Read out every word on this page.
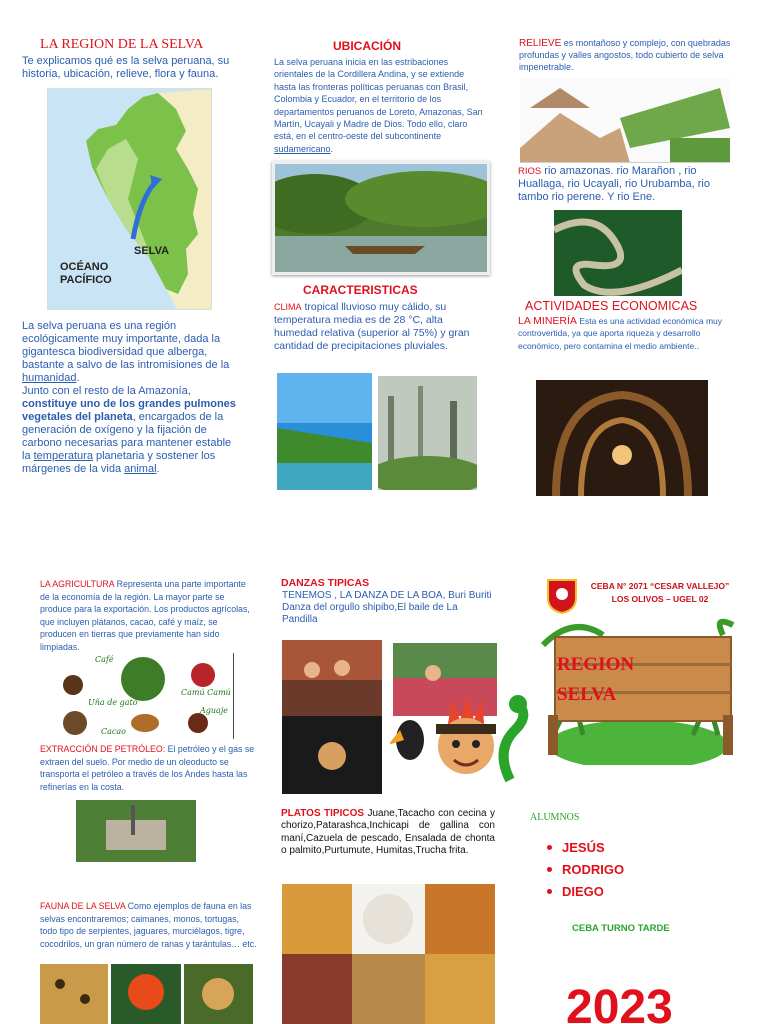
LA REGION DE LA SELVA
Te explicamos qué es la selva peruana, su historia, ubicación, relieve, flora y fauna.
SELVA
OCÉANO
PACÍFICO
La selva peruana es una región ecológicamente muy importante, dada la gigantesca biodiversidad que alberga, bastante a salvo de las intromisiones de la humanidad.
Junto con el resto de la Amazonía, constituye uno de los grandes pulmones vegetales del planeta, encargados de la generación de oxígeno y la fijación de carbono necesarias para mantener estable la temperatura planetaria y sostener los márgenes de la vida animal.
UBICACIÓN
La selva peruana inicia en las estribaciones orientales de la Cordillera Andina, y se extiende hasta las fronteras políticas peruanas con Brasil, Colombia y Ecuador, en el territorio de los departamentos peruanos de Loreto, Amazonas, San Martín, Ucayali y Madre de Dios. Todo ello, claro está, en el centro-oeste del subcontinente sudamericano.
CARACTERISTICAS
CLIMA tropical lluvioso muy cálido, su temperatura media es de 28 °C, alta humedad relativa (superior al 75%) y gran cantidad de precipitaciones pluviales.
RELIEVE es montañoso y complejo, con quebradas profundas y valles angostos, todo cubierto de selva impenetrable.
RIOS rio amazonas. rio Marañon , rio Huallaga, rio Ucayali, rio Urubamba, rio tambo rio perene. Y rio Ene.
ACTIVIDADES ECONOMICAS
LA MINERÍA Esta es una actividad económica muy controvertida, ya que aporta riqueza y desarrollo económico, pero contamina el medio ambiente..
LA AGRICULTURA Representa una parte importante de la economía de la región. La mayor parte se produce para la exportación. Los productos agrícolas, que incluyen plátanos, cacao, café y maíz, se producen en tierras que previamente han sido limpiadas.
Café
Camú Camú
Uña de gato
Aguaje
Cacao
EXTRACCIÓN DE PETRÓLEO: El petróleo y el gas se extraen del suelo. Por medio de un oleoducto se transporta el petróleo a través de los Andes hasta las refinerías en la costa.
FAUNA DE LA SELVA Como ejemplos de fauna en las selvas encontraremos; caimanes, monos, tortugas, todo tipo de serpientes, jaguares, murciélagos, tigre, cocodrilos, un gran número de ranas y tarántulas… etc.
DANZAS TIPICAS
TENEMOS , LA DANZA DE LA BOA, Buri Buriti Danza del orgullo shipibo,El baile de La Pandilla
PLATOS TIPICOS Juane,Tacacho con cecina y chorizo,Patarashca,Inchicapi de gallina con maní,Cazuela de pescado, Ensalada de chonta o palmito,Purtumute, Humitas,Trucha frita.
CEBA N° 2071 “CESAR VALLEJO”
LOS OLIVOS – UGEL 02
REGION
SELVA
ALUMNOS
JESÚS
RODRIGO
DIEGO
CEBA TURNO TARDE
2023
